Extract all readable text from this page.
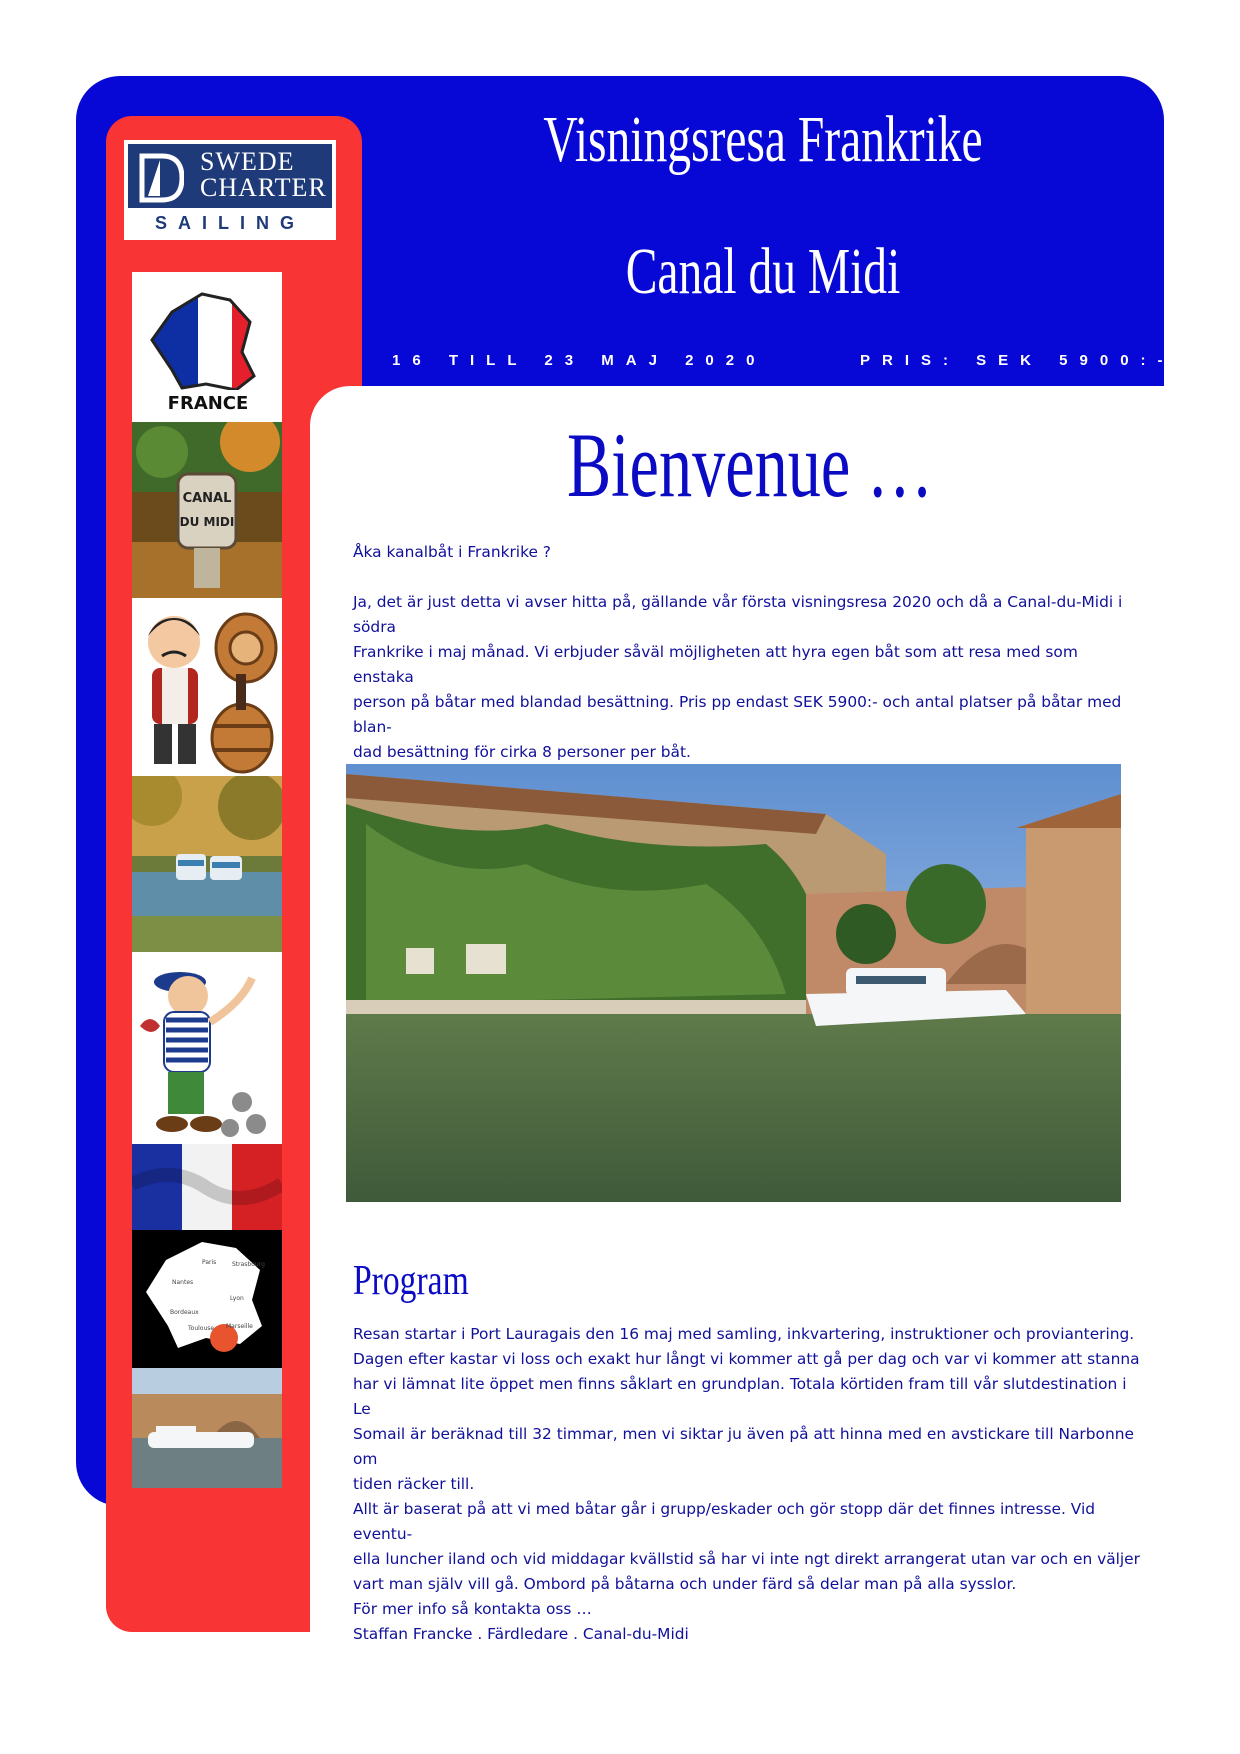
SWEDE
CHARTER
SAILING
FRANCE
CANAL
DU MIDI
Paris	Strasbourg
Nantes
Lyon
Bordeaux
Toulouse Marseille
Visningsresa Frankrike
Canal du Midi
16 TILL 23 MAJ 2020	PRIS: SEK 5900:- PP
Bienvenue …

Åka kanalbåt i Frankrike ?

Ja, det är just detta vi avser hitta på, gällande vår första visningsresa 2020 och då a Canal-du-Midi i södra

Frankrike i maj månad. Vi erbjuder såväl möjligheten att hyra egen båt som att resa med som enstaka

person på båtar med blandad besättning. Pris pp endast SEK 5900:- och antal platser på båtar med blan-

dad besättning för cirka 8 personer per båt.

Program

Resan startar i Port Lauragais den 16 maj med samling, inkvartering, instruktioner och proviantering.

Dagen efter kastar vi loss och exakt hur långt vi kommer att gå per dag och var vi kommer att stanna

har vi lämnat lite öppet men finns såklart en grundplan. Totala körtiden fram till vår slutdestination i Le

Somail är beräknad till 32 timmar, men vi siktar ju även på att hinna med en avstickare till Narbonne om

tiden räcker till.

Allt är baserat på att vi med båtar går i grupp/eskader och gör stopp där det finnes intresse. Vid eventu-

ella luncher iland och vid middagar kvällstid så har vi inte ngt direkt arrangerat utan var och en väljer

vart man själv vill gå. Ombord på båtarna och under färd så delar man på alla sysslor.

För mer info så kontakta oss …

Staffan Francke . Färdledare . Canal-du-Midi
